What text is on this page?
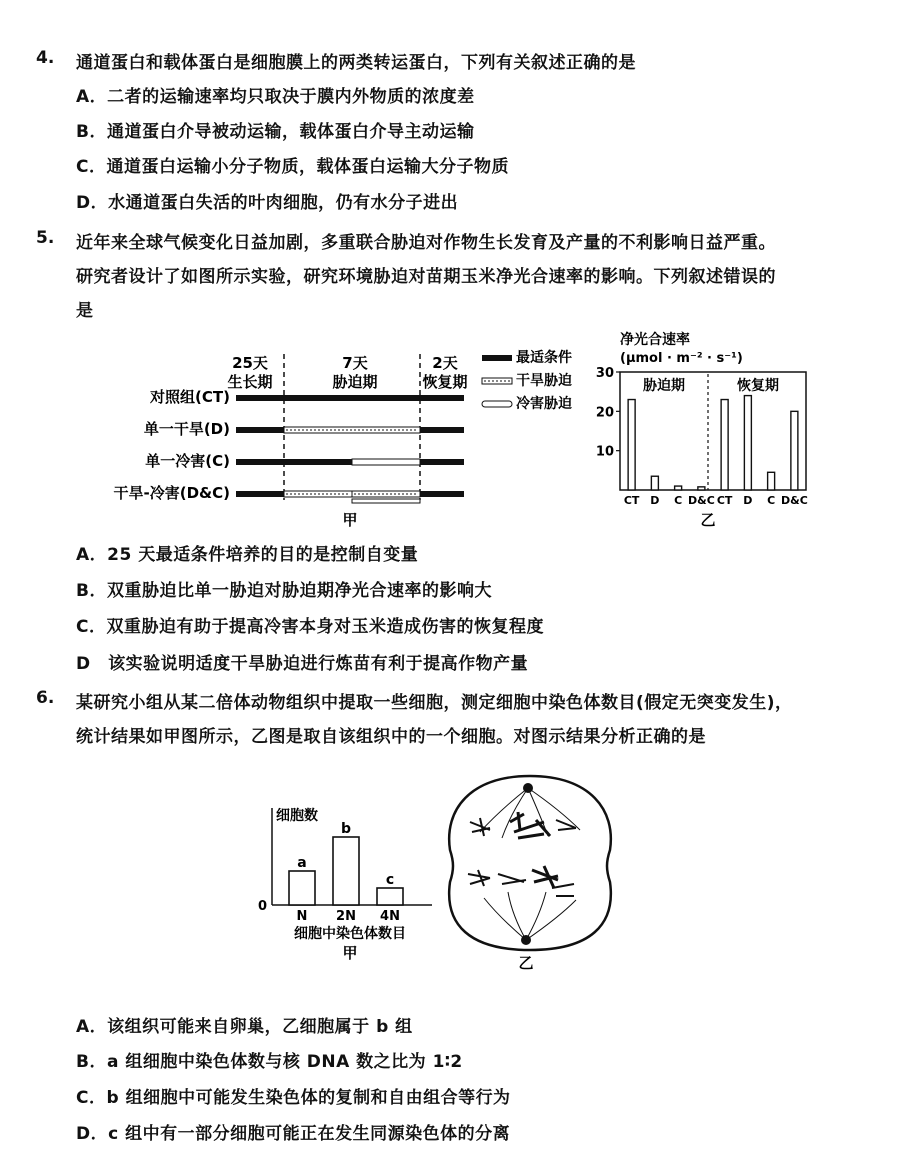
4. 通道蛋白和载体蛋白是细胞膜上的两类转运蛋白，下列有关叙述正确的是
A．二者的运输速率均只取决于膜内外物质的浓度差
B．通道蛋白介导被动运输，载体蛋白介导主动运输
C．通道蛋白运输小分子物质，载体蛋白运输大分子物质
D．水通道蛋白失活的叶肉细胞，仍有水分子进出
5. 近年来全球气候变化日益加剧，多重联合胁迫对作物生长发育及产量的不利影响日益严重。
研究者设计了如图所示实验，研究环境胁迫对苗期玉米净光合速率的影响。下列叙述错误的
是
25天
生长期
7天
胁迫期
2天
恢复期
对照组(CT)
单一干旱(D)
单一冷害(C)
干旱-冷害(D&C)
最适条件
干旱胁迫
冷害胁迫
甲
净光合速率
(μmol · m⁻² · s⁻¹)
胁迫期	恢复期
30
20
10
CT D C D&C CT D C D&C
乙
A．25 天最适条件培养的目的是控制自变量
B．双重胁迫比单一胁迫对胁迫期净光合速率的影响大
C．双重胁迫有助于提高冷害本身对玉米造成伤害的恢复程度
D　该实验说明适度干旱胁迫进行炼苗有利于提高作物产量
6. 某研究小组从某二倍体动物组织中提取一些细胞，测定细胞中染色体数目(假定无突变发生)，
统计结果如甲图所示，乙图是取自该组织中的一个细胞。对图示结果分析正确的是
细胞数
0
N 2N 4N
a
b
c
细胞中染色体数目
甲
乙
A．该组织可能来自卵巢，乙细胞属于 b 组
B．a 组细胞中染色体数与核 DNA 数之比为 1∶2
C．b 组细胞中可能发生染色体的复制和自由组合等行为
D．c 组中有一部分细胞可能正在发生同源染色体的分离
